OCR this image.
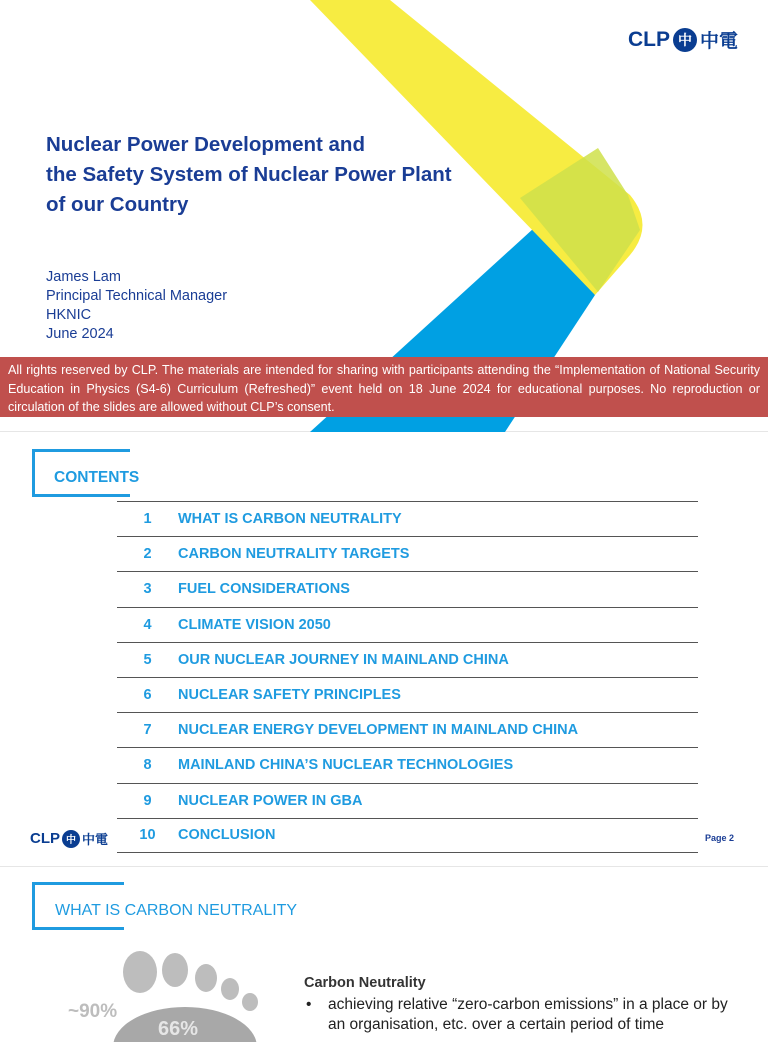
CLP 中 中電
Nuclear Power Development and
the Safety System of Nuclear Power Plant
of our Country
James Lam
Principal Technical Manager
HKNIC
June 2024
All rights reserved by CLP. The materials are intended for sharing with participants attending the “Implementation of National Security Education in Physics (S4-6) Curriculum (Refreshed)” event held on 18 June 2024 for educational purposes. No reproduction or circulation of the slides are allowed without CLP’s consent.
CONTENTS
1	WHAT IS CARBON NEUTRALITY
2	CARBON NEUTRALITY TARGETS
3	FUEL CONSIDERATIONS
4	CLIMATE VISION 2050
5	OUR NUCLEAR JOURNEY IN MAINLAND CHINA
6	NUCLEAR SAFETY PRINCIPLES
7	NUCLEAR ENERGY DEVELOPMENT IN MAINLAND CHINA
8	MAINLAND CHINA’S NUCLEAR TECHNOLOGIES
9	NUCLEAR POWER IN GBA
10	CONCLUSION
CLP 中 中電	Page 2
WHAT IS CARBON NEUTRALITY
~90%
66%
Carbon Neutrality
•	achieving relative “zero-carbon emissions” in a place or by an organisation, etc. over a certain period of time
